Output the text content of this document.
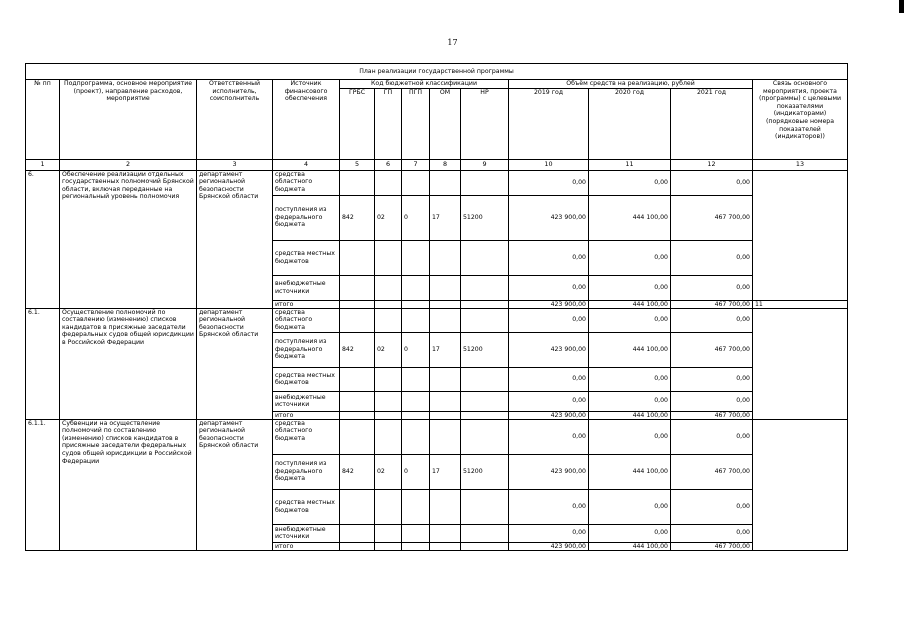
17
План реализации государственной программы												
№ пп	Подпрограмма, основное мероприятие (проект), направление расходов, мероприятие	Ответственный исполнитель, соисполнитель	Источник финансового обеспечения	Код бюджетной классификации					Объём средств на реализацию, рублей			Связь основного мероприятия, проекта (программы) с целевыми показателями (индикаторами) (порядковые номера показателей (индикаторов))
				ГРБС	ГП	ПГП	ОМ	НР	2019 год	2020 год	2021 год	
1	2	3	4	5	6	7	8	9	10	11	12	13
6.	Обеспечение реализации отдельных государственных полномочий Брянской области, включая переданные на региональный уровень полномочия	департамент региональной безопасности Брянской области	средства областного бюджета						0,00	0,00	0,00	
			поступления из федерального бюджета	842	02	0	17	51200	423 900,00	444 100,00	467 700,00	
			средства местных бюджетов						0,00	0,00	0,00	
			внебюджетные источники						0,00	0,00	0,00	
			итого						423 900,00	444 100,00	467 700,00	11
6.1.	Осуществление полномочий по составлению (изменению) списков кандидатов в присяжные заседатели федеральных судов общей юрисдикции в Российской Федерации	департамент региональной безопасности Брянской области	средства областного бюджета						0,00	0,00	0,00	
			поступления из федерального бюджета	842	02	0	17	51200	423 900,00	444 100,00	467 700,00	
			средства местных бюджетов						0,00	0,00	0,00	
			внебюджетные источники						0,00	0,00	0,00	
			итого						423 900,00	444 100,00	467 700,00	
6.1.1.	Субвенции на осуществление полномочий по составлению (изменению) списков кандидатов в присяжные заседатели федеральных судов общей юрисдикции в Российской Федерации	департамент региональной безопасности Брянской области	средства областного бюджета						0,00	0,00	0,00	
			поступления из федерального бюджета	842	02	0	17	51200	423 900,00	444 100,00	467 700,00	
			средства местных бюджетов						0,00	0,00	0,00	
			внебюджетные источники						0,00	0,00	0,00	
			итого						423 900,00	444 100,00	467 700,00	
